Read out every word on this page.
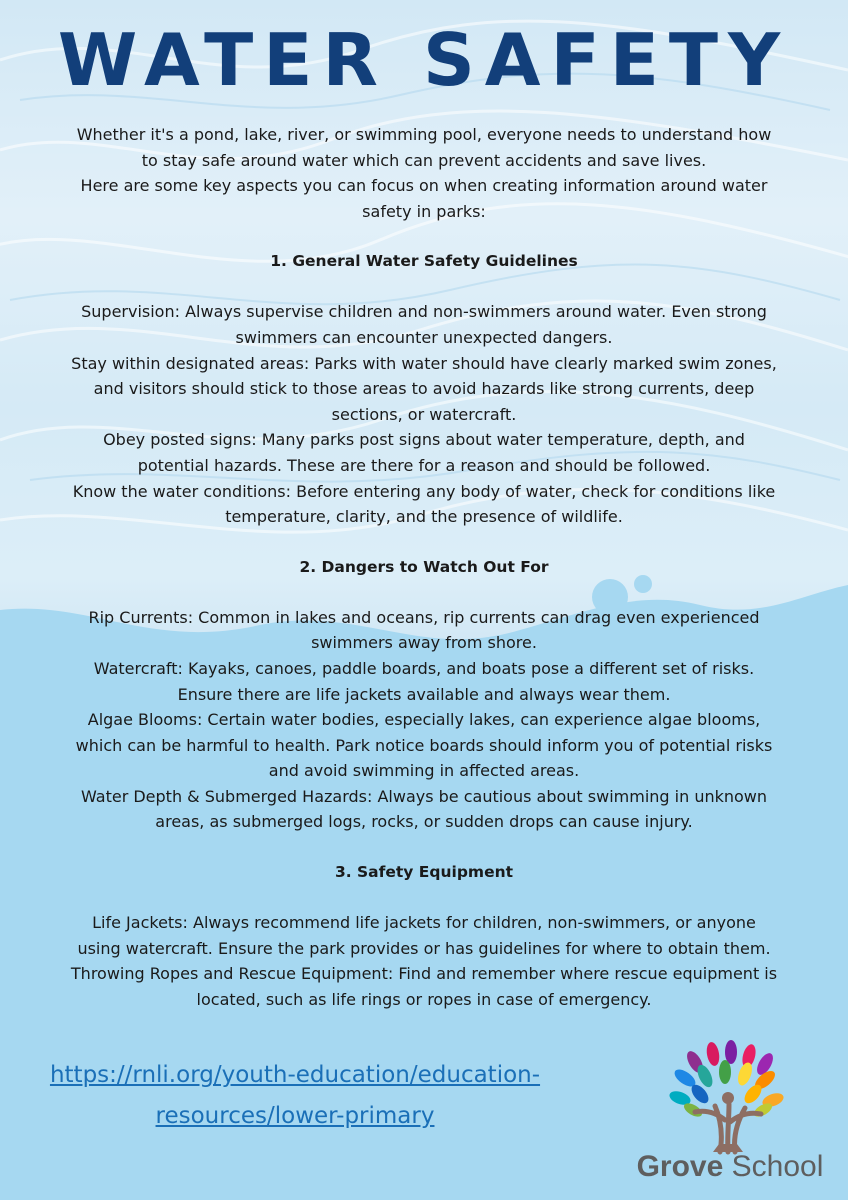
WATER SAFETY

Whether it's a pond, lake, river, or swimming pool, everyone needs to understand how to stay safe around water which can prevent accidents and save lives.

Here are some key aspects you can focus on when creating information around water safety in parks:

1. General Water Safety Guidelines

Supervision: Always supervise children and non-swimmers around water. Even strong swimmers can encounter unexpected dangers.

Stay within designated areas: Parks with water should have clearly marked swim zones, and visitors should stick to those areas to avoid hazards like strong currents, deep sections, or watercraft.

Obey posted signs: Many parks post signs about water temperature, depth, and potential hazards. These are there for a reason and should be followed.

Know the water conditions: Before entering any body of water, check for conditions like temperature, clarity, and the presence of wildlife.

2. Dangers to Watch Out For

Rip Currents: Common in lakes and oceans, rip currents can drag even experienced swimmers away from shore.

Watercraft: Kayaks, canoes, paddle boards, and boats pose a different set of risks. Ensure there are life jackets available and always wear them.

Algae Blooms: Certain water bodies, especially lakes, can experience algae blooms, which can be harmful to health. Park notice boards should inform you of potential risks and avoid swimming in affected areas.

Water Depth & Submerged Hazards: Always be cautious about swimming in unknown areas, as submerged logs, rocks, or sudden drops can cause injury.

3. Safety Equipment

Life Jackets: Always recommend life jackets for children, non-swimmers, or anyone using watercraft. Ensure the park provides or has guidelines for where to obtain them.

Throwing Ropes and Rescue Equipment: Find and remember where rescue equipment is located, such as life rings or ropes in case of emergency.

https://rnli.org/youth-education/education-resources/lower-primary
Grove School
